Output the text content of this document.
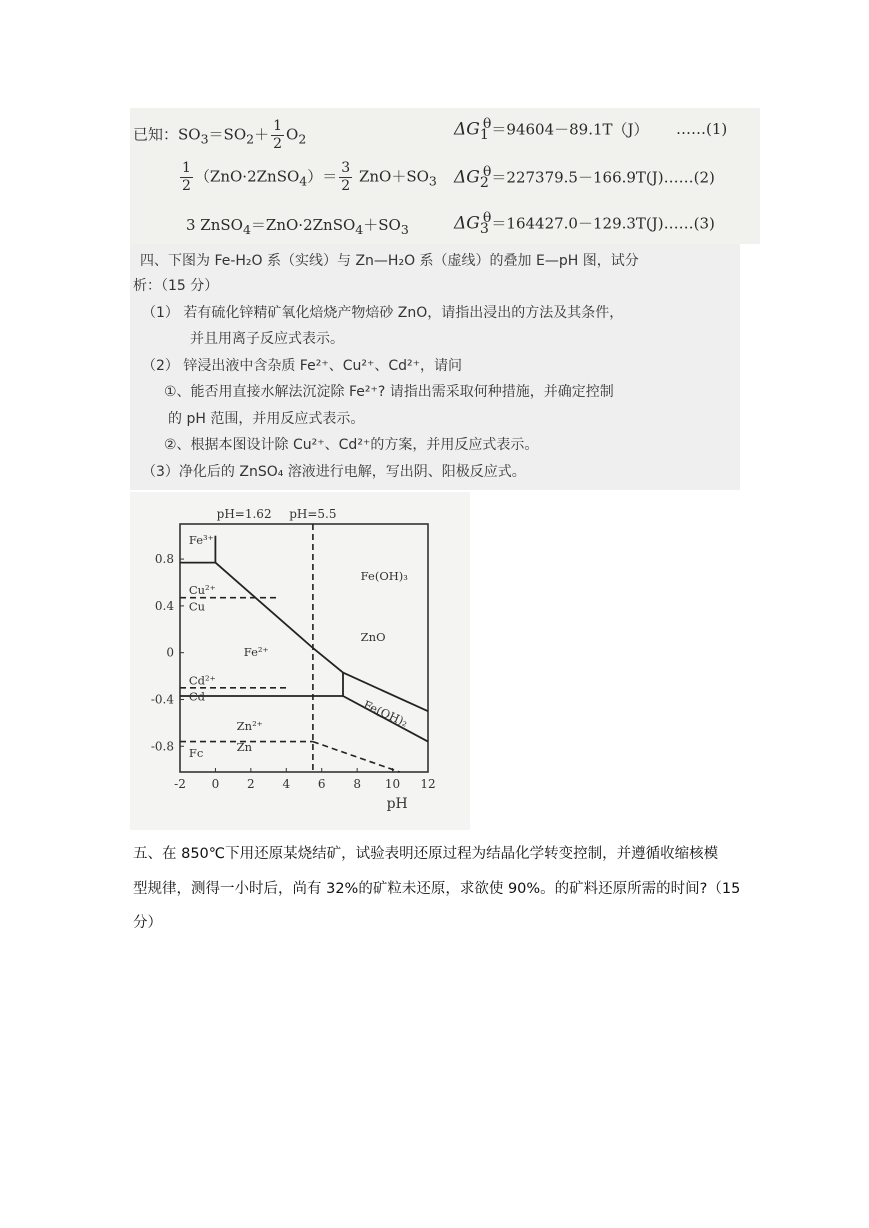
已知：$SO_3=SO_2+ \frac{1}{2} O_2$	$\Delta G_1^\theta=94604-89.1T(J)$ ……(1)
$\frac{1}{2}$ （ZnO·2ZnSO$_4$）＝ $\frac{3}{2} ZnO+SO_3$ $\Delta G_2^\theta=227379.5-166.9T(J)\dots\dots(2)$
3 $ZnSO_4=ZnO\cdot 2ZnSO_4+SO_3$	$\Delta G_3^\theta=164427.0-129.3T(J)\dots\dots(3)$
四、下图为 Fe-H₂O 系（实线）与 Zn—H₂O 系（虚线）的叠加 E—pH 图，试分
析：（15 分）
（1） 若有硫化锌精矿氧化焙烧产物焙砂 ZnO，请指出浸出的方法及其条件，
并且用离子反应式表示。
（2） 锌浸出液中含杂质 Fe²⁺、Cu²⁺、Cd²⁺，请问
①、能否用直接水解法沉淀除 Fe²⁺? 请指出需采取何种措施，并确定控制
的 pH 范围，并用反应式表示。
②、根据本图设计除 Cu²⁺、Cd²⁺的方案，并用反应式表示。
（3）净化后的 ZnSO₄ 溶液进行电解，写出阴、阳极反应式。
-2 0 2 4 6 8 10 12
0.8
0.4
0
-0.4
-0.8
Fe³⁺
Fe(OH)₃
Cu²⁺
Cu
ZnO
Fe²⁺
Cd²⁺
Cd
Fe(OH)₂
Zn²⁺
Zn
Fc
pH=1.62 pH=5.5
pH
五、在 850℃下用还原某烧结矿，试验表明还原过程为结晶化学转变控制，并遵循收缩核模
型规律，测得一小时后，尚有 32%的矿粒未还原，求欲使 90%。的矿料还原所需的时间?（15
分）
